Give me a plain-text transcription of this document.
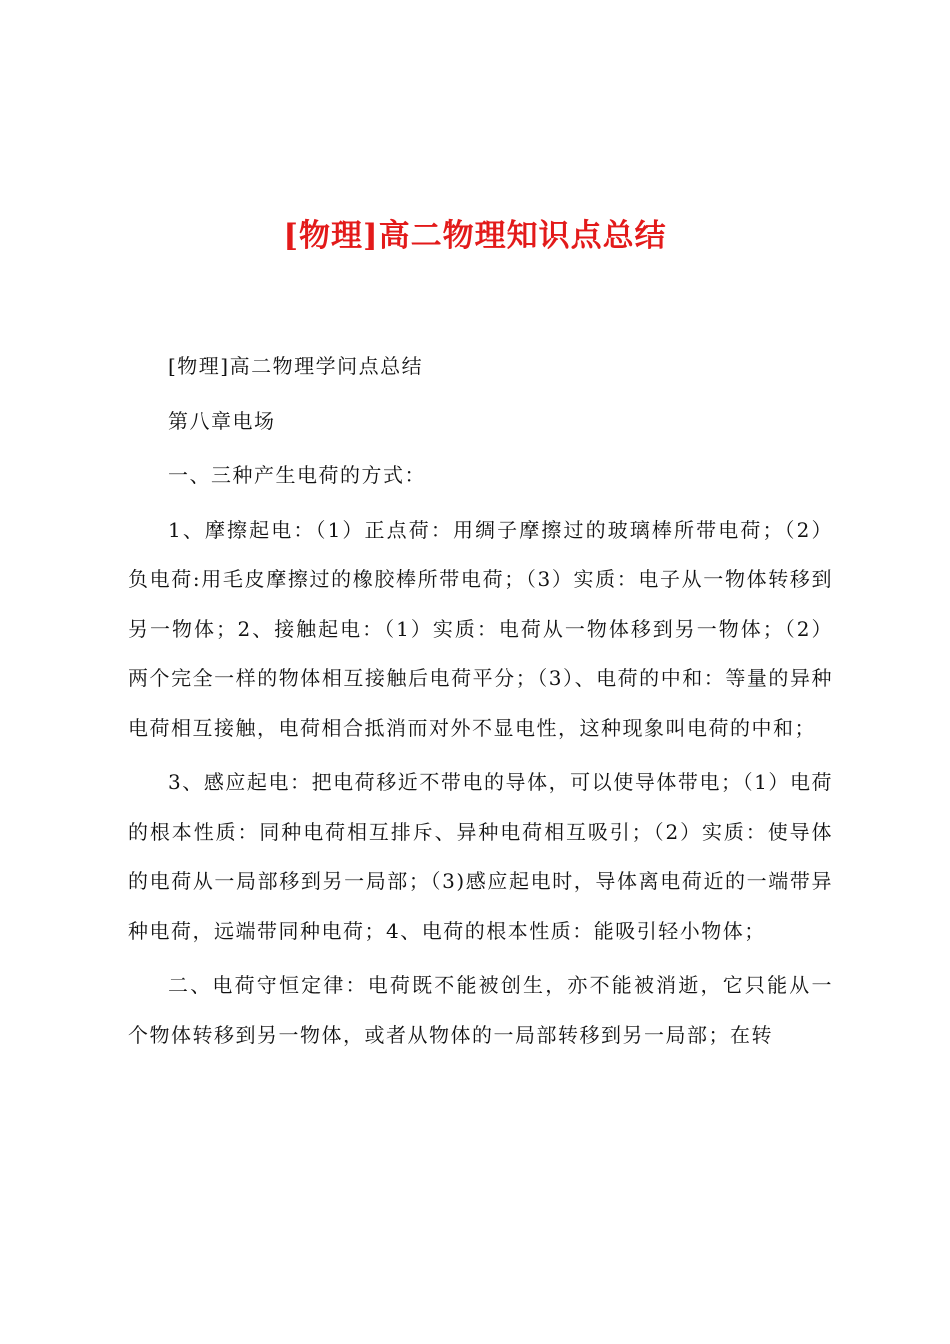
[物理]高二物理知识点总结

[物理]高二物理学问点总结

第八章电场

一、三种产生电荷的方式：

1、摩擦起电：（1）正点荷：用绸子摩擦过的玻璃棒所带电荷；（2）负电荷:用毛皮摩擦过的橡胶棒所带电荷；（3）实质：电子从一物体转移到另一物体；2、接触起电：（1）实质：电荷从一物体移到另一物体；（2）两个完全一样的物体相互接触后电荷平分；（3）、电荷的中和：等量的异种电荷相互接触，电荷相合抵消而对外不显电性，这种现象叫电荷的中和；

3、感应起电：把电荷移近不带电的导体，可以使导体带电；（1）电荷的根本性质：同种电荷相互排斥、异种电荷相互吸引；（2）实质：使导体的电荷从一局部移到另一局部；（3)感应起电时，导体离电荷近的一端带异种电荷，远端带同种电荷；4、电荷的根本性质：能吸引轻小物体；

二、电荷守恒定律：电荷既不能被创生，亦不能被消逝，它只能从一个物体转移到另一物体，或者从物体的一局部转移到另一局部；在转
